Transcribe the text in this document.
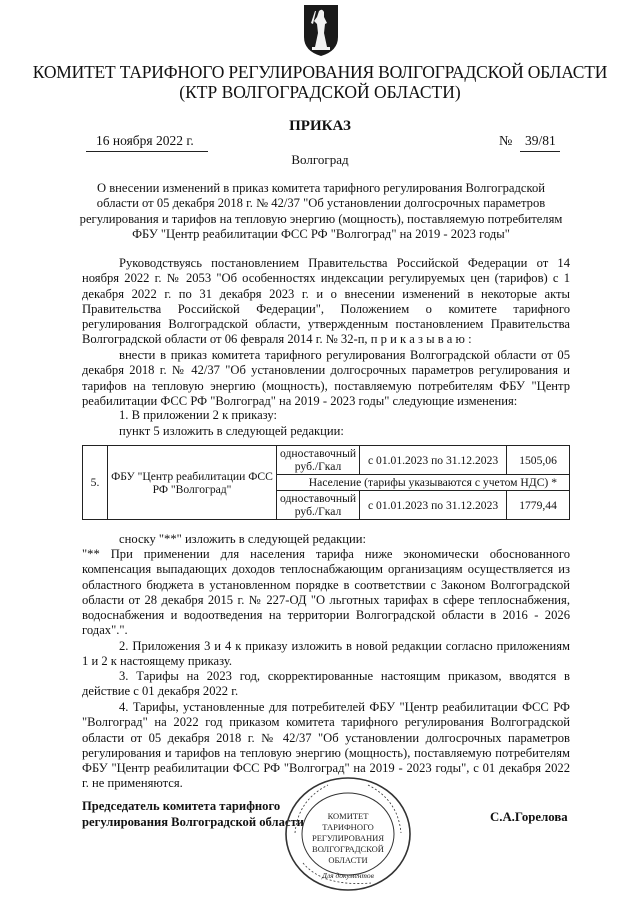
КОМИТЕТ ТАРИФНОГО РЕГУЛИРОВАНИЯ ВОЛГОГРАДСКОЙ ОБЛАСТИ
(КТР ВОЛГОГРАДСКОЙ ОБЛАСТИ)
ПРИКАЗ
16 ноября 2022 г.	№ 39/81
Волгоград
О внесении изменений в приказ комитета тарифного регулирования Волгоградской
области от 05 декабря 2018 г. № 42/37 "Об установлении долгосрочных параметров
регулирования и тарифов на тепловую энергию (мощность), поставляемую потребителям
ФБУ "Центр реабилитации ФСС РФ "Волгоград" на 2019 - 2023 годы"
Руководствуясь постановлением Правительства Российской Федерации от 14 ноября 2022 г. № 2053 "Об особенностях индексации регулируемых цен (тарифов) с 1 декабря 2022 г. по 31 декабря 2023 г. и о внесении изменений в некоторые акты Правительства Российской Федерации", Положением о комитете тарифного регулирования Волгоградской области, утвержденным постановлением Правительства Волгоградской области от 06 февраля 2014 г. № 32-п, п р и к а з ы в а ю :
внести в приказ комитета тарифного регулирования Волгоградской области от 05 декабря 2018 г. № 42/37 "Об установлении долгосрочных параметров регулирования и тарифов на тепловую энергию (мощность), поставляемую потребителям ФБУ "Центр реабилитации ФСС РФ "Волгоград" на 2019 - 2023 годы" следующие изменения:
1. В приложении 2 к приказу:
пункт 5 изложить в следующей редакции:
5.	ФБУ "Центр реабилитации ФСС РФ "Волгоград"	одноставочный руб./Гкал	с 01.01.2023 по 31.12.2023	1505,06
		Население (тарифы указываются с учетом НДС) *		
		одноставочный руб./Гкал	с 01.01.2023 по 31.12.2023	1779,44
сноску "**" изложить в следующей редакции:
"** При применении для населения тарифа ниже экономически обоснованного компенсация выпадающих доходов теплоснабжающим организациям осуществляется из областного бюджета в установленном порядке в соответствии с Законом Волгоградской области от 28 декабря 2015 г. № 227-ОД "О льготных тарифах в сфере теплоснабжения, водоснабжения и водоотведения на территории Волгоградской области в 2016 - 2026 годах".".
2. Приложения 3 и 4 к приказу изложить в новой редакции согласно приложениям 1 и 2 к настоящему приказу.
3. Тарифы на 2023 год, скорректированные настоящим приказом, вводятся в действие с 01 декабря 2022 г.
4. Тарифы, установленные для потребителей ФБУ "Центр реабилитации ФСС РФ "Волгоград" на 2022 год приказом комитета тарифного регулирования Волгоградской области от 05 декабря 2018 г. № 42/37 "Об установлении долгосрочных параметров регулирования и тарифов на тепловую энергию (мощность), поставляемую потребителям ФБУ "Центр реабилитации ФСС РФ "Волгоград" на 2019 - 2023 годы", с 01 декабря 2022 г. не применяются.
Председатель комитета тарифного
регулирования Волгоградской области	С.А.Горелова
КОМИТЕТ
ТАРИФНОГО
РЕГУЛИРОВАНИЯ
ВОЛГОГРАДСКОЙ
ОБЛАСТИ
Для документов
